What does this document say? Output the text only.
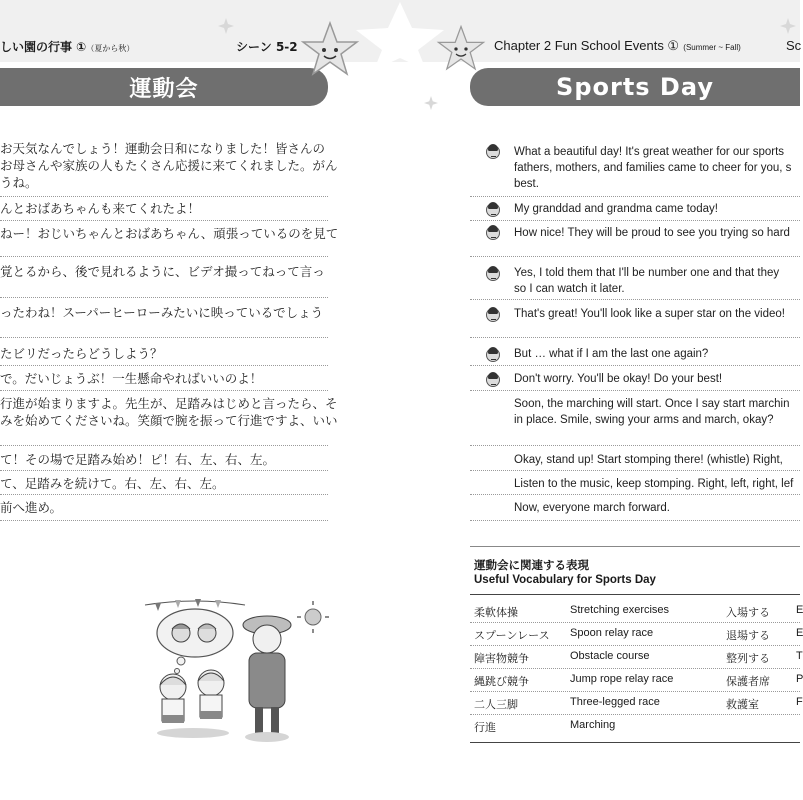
しい園の行事 ①（夏から秋）	シーン 5-2
運動会
お天気なんでしょう！運動会日和になりました！皆さんの
お母さんや家族の人もたくさん応援に来てくれました。がん
うね。
んとおばあちゃんも来てくれたよ！
ねー！おじいちゃんとおばあちゃん、頑張っているのを見て
覚とるから、後で見れるように、ビデオ撮ってねって言っ
ったわね！スーパーヒーローみたいに映っているでしょう
たビリだったらどうしよう？
で。だいじょうぶ！一生懸命やればいいのよ！
行進が始まりますよ。先生が、足踏みはじめと言ったら、そ
みを始めてくださいね。笑顔で腕を振って行進ですよ、いい
て！その場で足踏み始め！ピ！右、左、右、左。
て、足踏みを続けて。右、左、右、左。
前へ進め。
Chapter 2 Fun School Events ① (Summer ~ Fall)	Sc
Sports Day
What a beautiful day! It's great weather for our sports
fathers, mothers, and families came to cheer for you, s
best.
My granddad and grandma came today!
How nice! They will be proud to see you trying so hard
Yes, I told them that I'll be number one and that they
so I can watch it later.
That's great! You'll look like a super star on the video!
But … what if I am the last one again?
Don't worry. You'll be okay! Do your best!
Soon, the marching will start. Once I say start marchin
in place. Smile, swing your arms and march, okay?
Okay, stand up! Start stomping there! (whistle) Right,
Listen to the music, keep stomping. Right, left, right, lef
Now, everyone march forward.
運動会に関連する表現
Useful Vocabulary for Sports Day
柔軟体操	Stretching exercises	入場する E
スプーンレース Spoon relay race	退場する E
障害物競争	Obstacle course	整列する T
縄跳び競争	Jump rope relay race	保護者席 P
二人三脚	Three-legged race	救護室	F
行進	Marching
